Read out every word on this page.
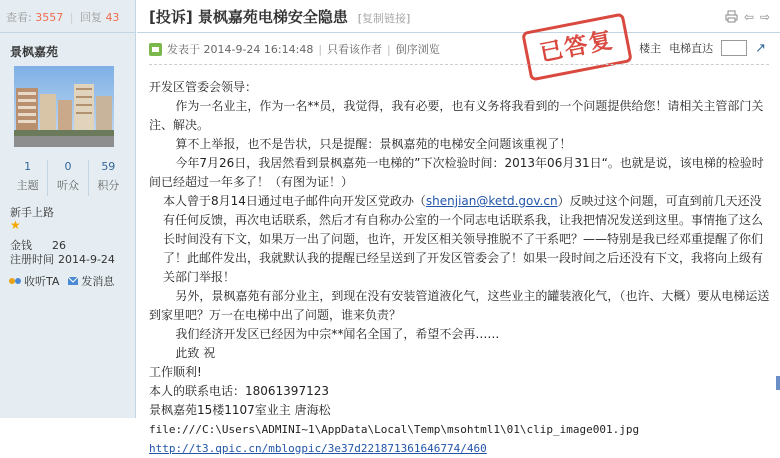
查看: 3557 | 回复 43
景枫嘉苑
1
主题
0
听众
59
积分
新手上路
★
金钱 26
注册时间 2014-9-24
收听TA 发消息
[投诉] 景枫嘉苑电梯安全隐患 [复制链接]	⇦ ⇨
发表于 2014-9-24 16:14:48 | 只看该作者 | 倒序浏览	已答复	楼主 电梯直达	↗

开发区管委会领导：

作为一名业主，作为一名**员，我觉得，我有必要，也有义务将我看到的一个问题提供给您！请相关主管部门关注、解决。

算不上举报，也不是告状，只是提醒：景枫嘉苑的电梯安全问题该重视了！

今年7月26日，我居然看到景枫嘉苑一电梯的”下次检验时间：2013年06月31日“。也就是说，该电梯的检验时间已经超过一年多了！（有图为证！）

本人曾于8月14日通过电子邮件向开发区党政办（shenjian@ketd.gov.cn）反映过这个问题，可直到前几天还没有任何反馈，再次电话联系，然后才有自称办公室的一个同志电话联系我，让我把情况发送到这里。事情拖了这么长时间没有下文，如果万一出了问题，也许，开发区相关领导推脱不了干系吧？——特别是我已经邓重提醒了你们了！此邮件发出，我就默认我的提醒已经呈送到了开发区管委会了！如果一段时间之后还没有下文，我将向上级有关部门举报！

另外，景枫嘉苑有部分业主，到现在没有安装管道液化气，这些业主的罐装液化气，（也许、大概）要从电梯运送到家里吧？万一在电梯中出了问题，谁来负责？

我们经济开发区已经因为中宗**闻名全国了，希望不会再……

此致 祝

工作顺利!

本人的联系电话：18061397123

景枫嘉苑15楼1107室业主 唐海松

file:///C:\Users\ADMINI~1\AppData\Local\Temp\msohtml1\01\clip_image001.jpg

http://t3.qpic.cn/mblogpic/3e37d221871361646774/460
